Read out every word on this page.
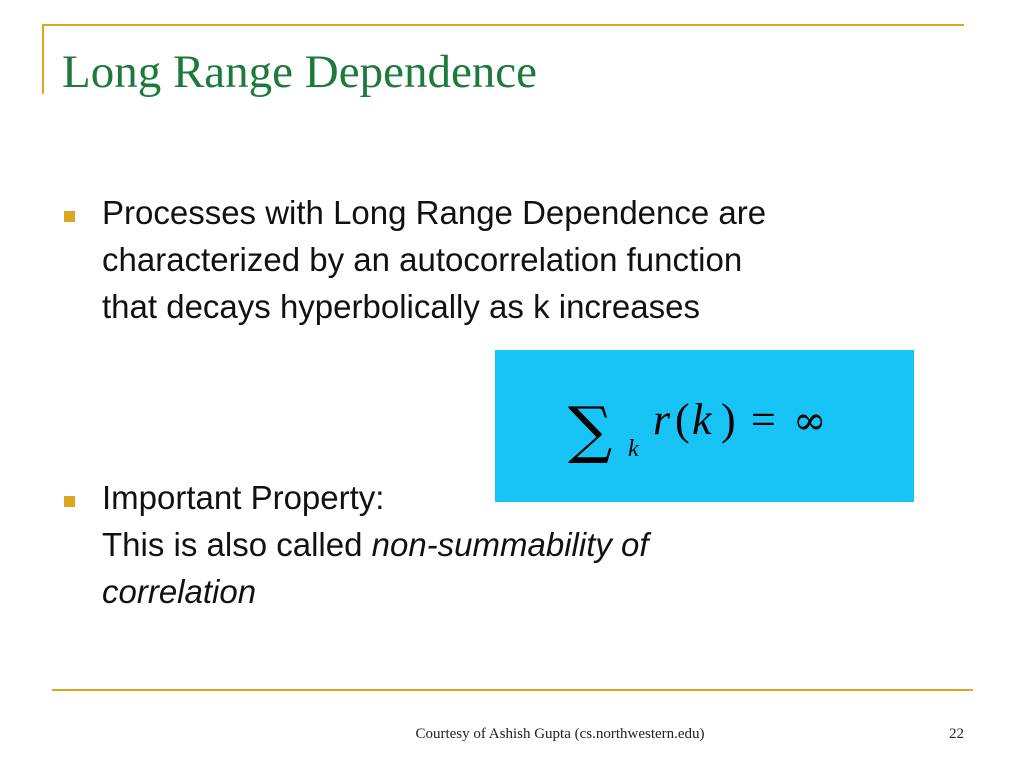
Long Range Dependence
Processes with Long Range Dependence are
characterized by an autocorrelation function
that decays hyperbolically as k increases
∑ k
r ( k ) = ∞
Important Property:
This is also called non-summability of
correlation
Courtesy of Ashish Gupta (cs.northwestern.edu)	22
